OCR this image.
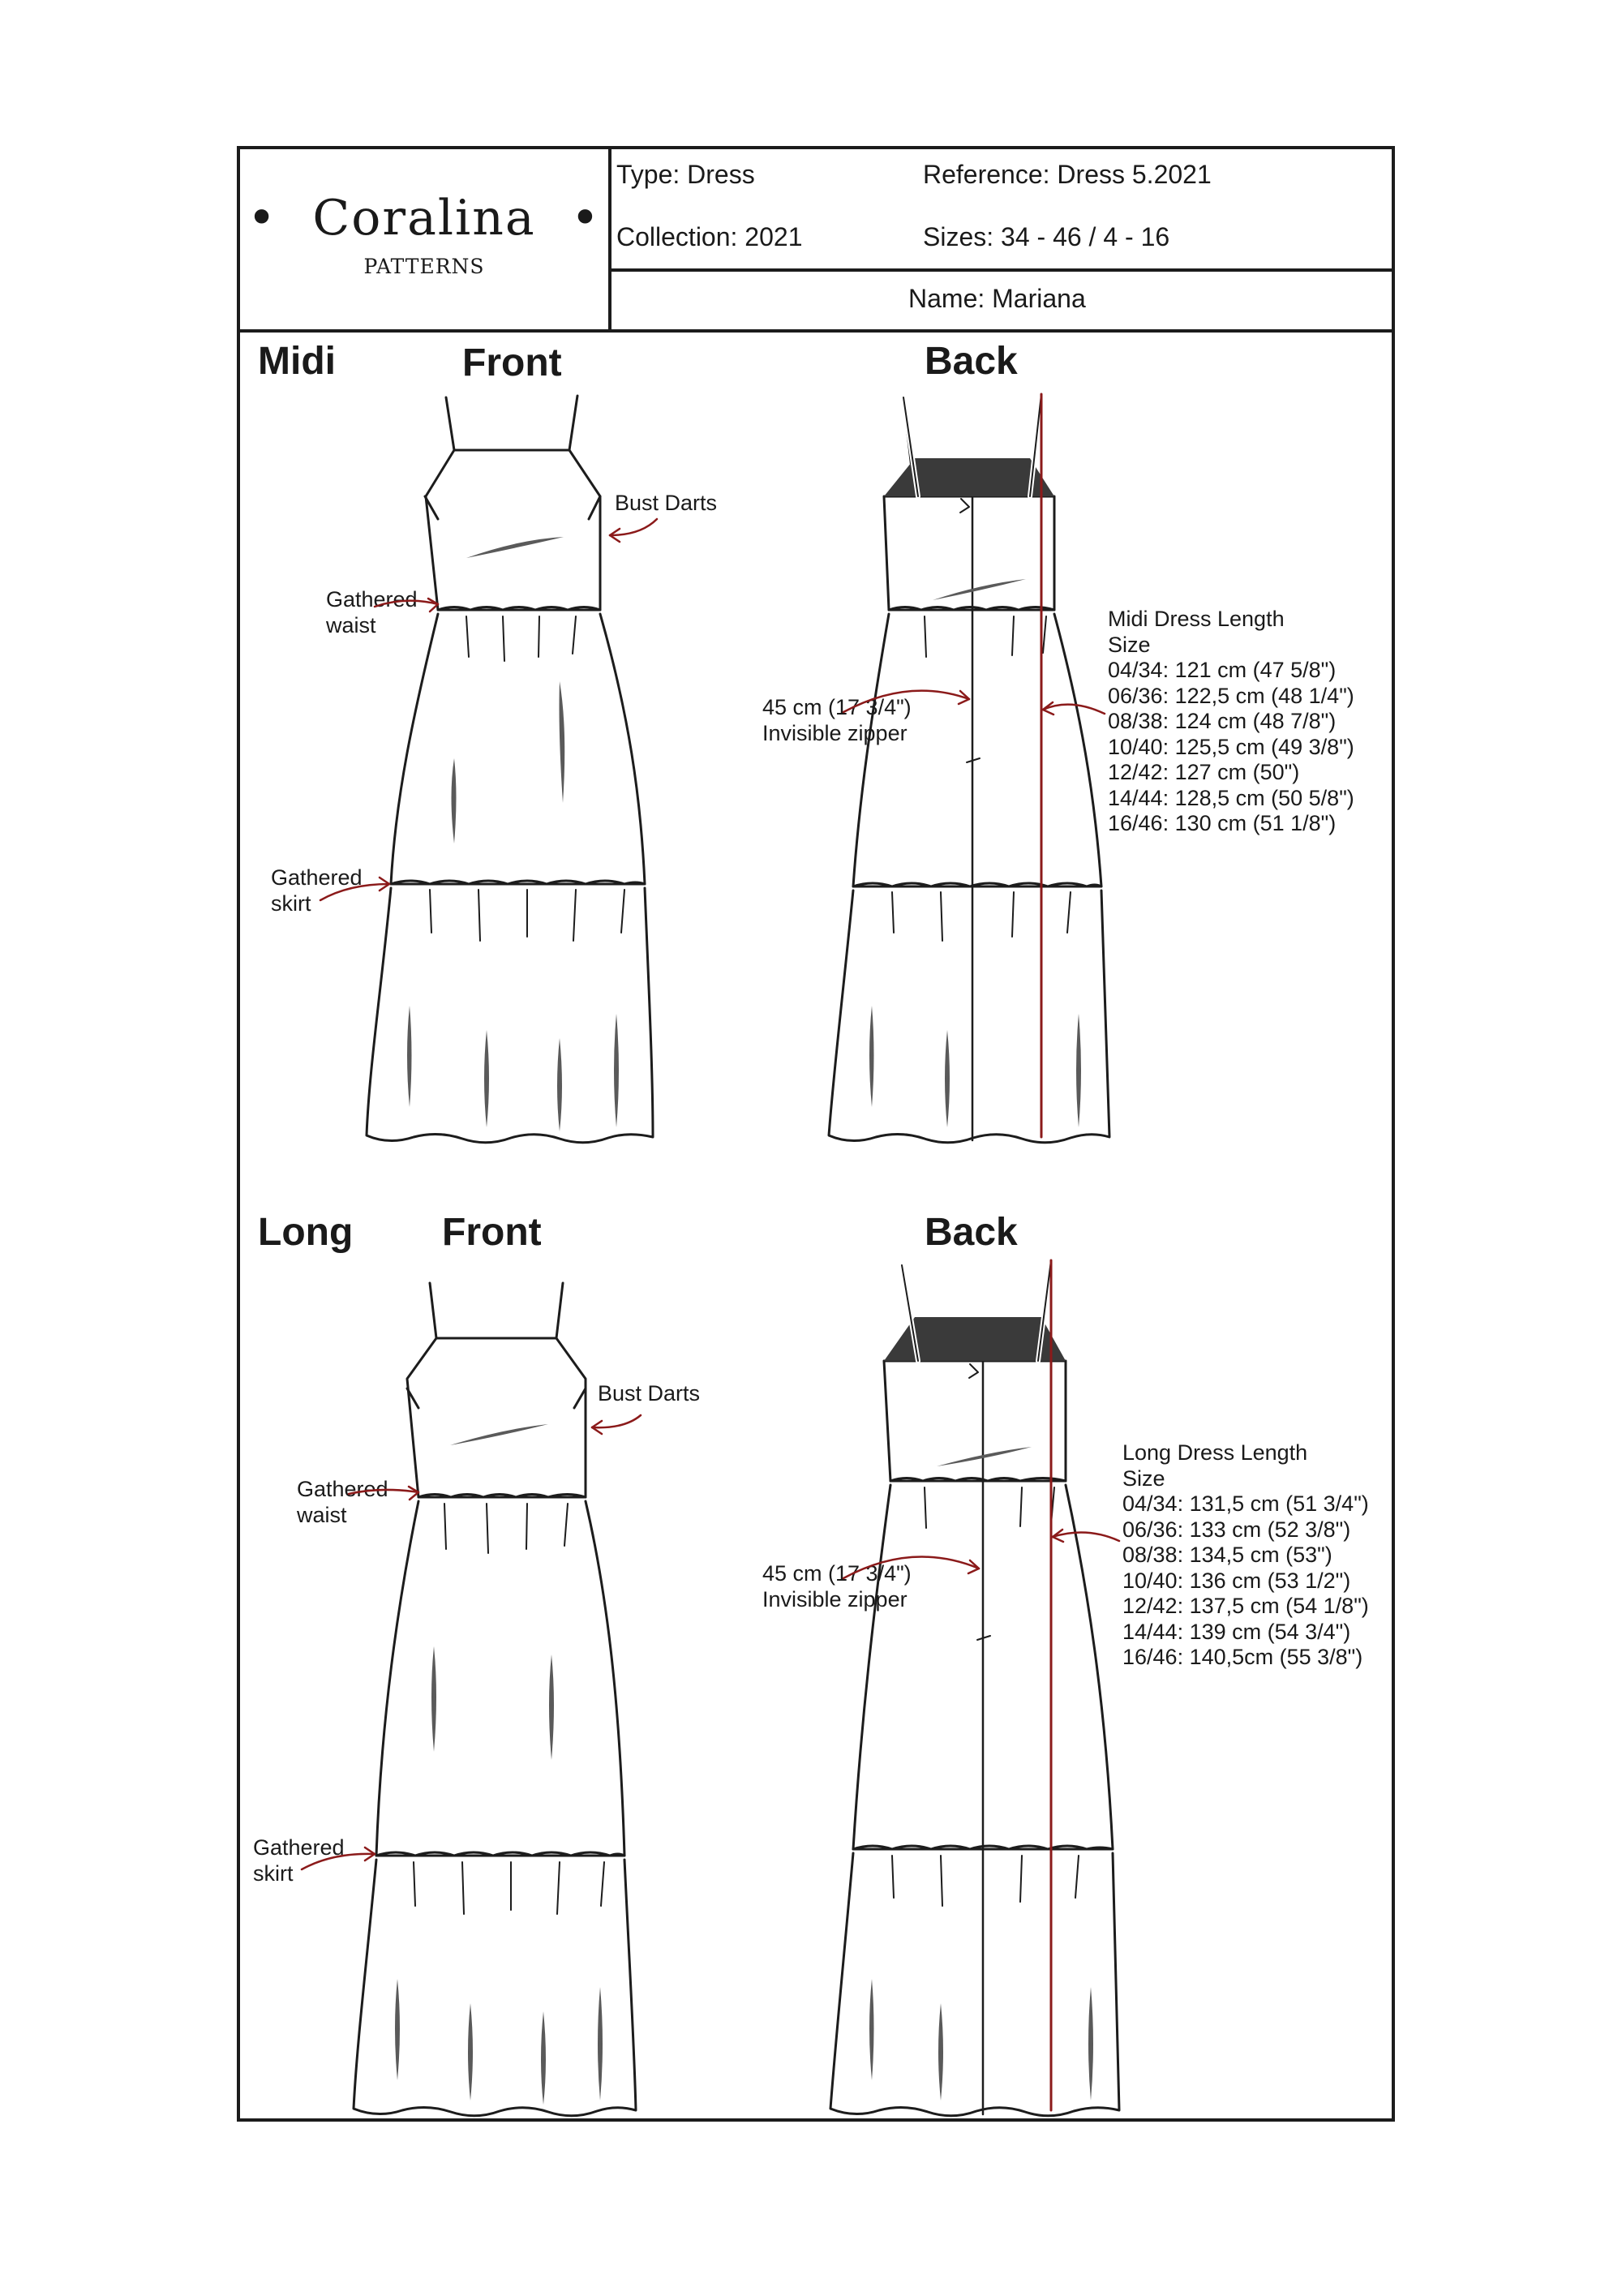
• Coralina •
PATTERNS
Type: Dress	Reference: Dress 5.2021
Collection: 2021	Sizes: 34 - 46 / 4 - 16
Name: Mariana
Midi	Front	Back
Long Front	Back
Bust Darts
Gathered
waist
Gathered
skirt
45 cm (17 3/4")
Invisible zipper
Midi Dress Length
Size
04/34: 121 cm (47 5/8")
06/36: 122,5 cm (48 1/4")
08/38: 124 cm (48 7/8")
10/40: 125,5 cm (49 3/8")
12/42: 127 cm (50")
14/44: 128,5 cm (50 5/8")
16/46: 130 cm (51 1/8")
Bust Darts
Gathered
waist
Gathered
skirt
45 cm (17 3/4")
Invisible zipper
Long Dress Length
Size
04/34: 131,5 cm (51 3/4")
06/36: 133 cm (52 3/8")
08/38: 134,5 cm (53")
10/40: 136 cm (53 1/2")
12/42: 137,5 cm (54 1/8")
14/44: 139 cm (54 3/4")
16/46: 140,5cm (55 3/8")
